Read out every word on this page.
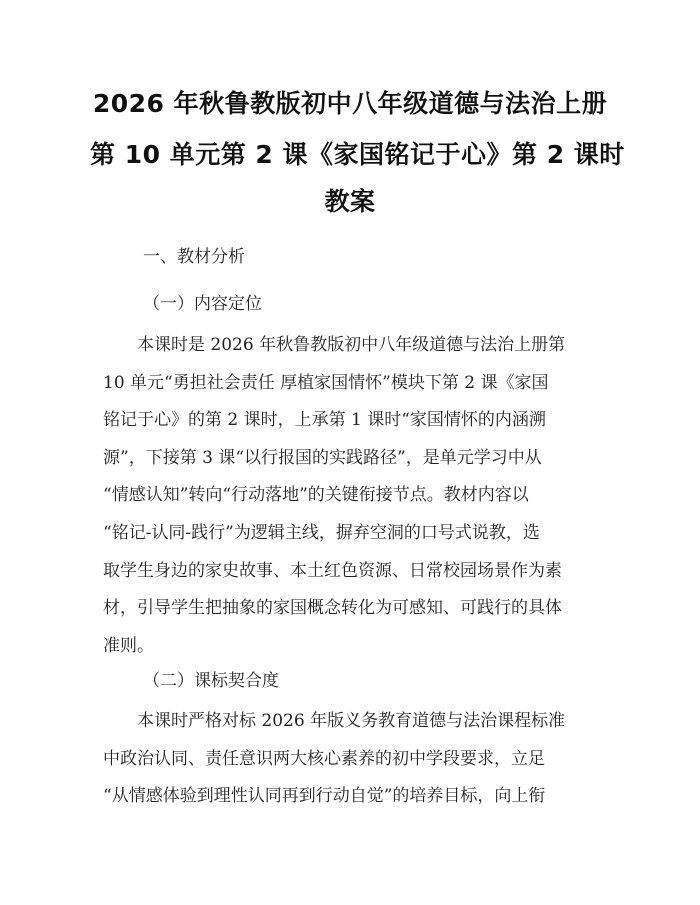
2026 年秋鲁教版初中八年级道德与法治上册
第 10 单元第 2 课《家国铭记于心》第 2 课时
教案
一、教材分析
（一）内容定位
　　本课时是 2026 年秋鲁教版初中八年级道德与法治上册第
10 单元“勇担社会责任 厚植家国情怀”模块下第 2 课《家国
铭记于心》的第 2 课时，上承第 1 课时“家国情怀的内涵溯
源”，下接第 3 课“以行报国的实践路径”，是单元学习中从
“情感认知”转向“行动落地”的关键衔接节点。教材内容以
“铭记-认同-践行”为逻辑主线，摒弃空洞的口号式说教，选
取学生身边的家史故事、本土红色资源、日常校园场景作为素
材，引导学生把抽象的家国概念转化为可感知、可践行的具体
准则。
（二）课标契合度
　　本课时严格对标 2026 年版义务教育道德与法治课程标准
中政治认同、责任意识两大核心素养的初中学段要求，立足
“从情感体验到理性认同再到行动自觉”的培养目标，向上衔
